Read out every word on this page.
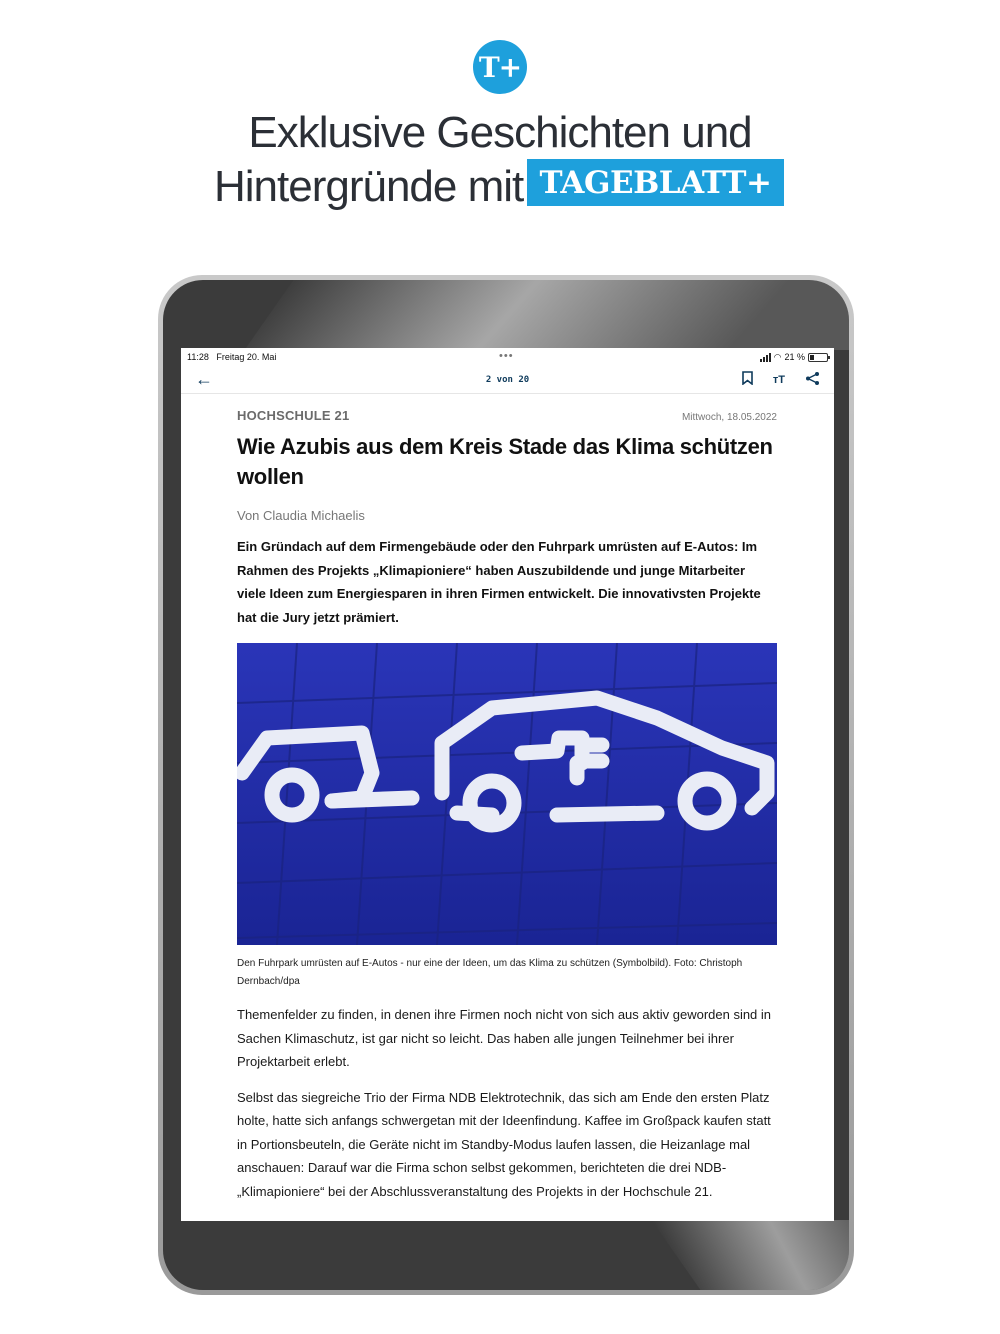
T+
Exklusive Geschichten und
Hintergründe mit TAGEBLATT+
11:28 Freitag 20. Mai	•••	◠ 21 %
←	2 von 20	тT
HOCHSCHULE 21	Mittwoch, 18.05.2022
Wie Azubis aus dem Kreis Stade das Klima schützen wollen
Von Claudia Michaelis

Ein Gründach auf dem Firmengebäude oder den Fuhrpark umrüsten auf E-Autos: Im Rahmen des Projekts „Klimapioniere“ haben Auszubildende und junge Mitarbeiter viele Ideen zum Energiesparen in ihren Firmen entwickelt. Die innovativsten Projekte hat die Jury jetzt prämiert.

Den Fuhrpark umrüsten auf E-Autos - nur eine der Ideen, um das Klima zu schützen (Symbolbild). Foto: Christoph Dernbach/dpa

Themenfelder zu finden, in denen ihre Firmen noch nicht von sich aus aktiv geworden sind in Sachen Klimaschutz, ist gar nicht so leicht. Das haben alle jungen Teilnehmer bei ihrer Projektarbeit erlebt.

Selbst das siegreiche Trio der Firma NDB Elektrotechnik, das sich am Ende den ersten Platz holte, hatte sich anfangs schwergetan mit der Ideenfindung. Kaffee im Großpack kaufen statt in Portionsbeuteln, die Geräte nicht im Standby-Modus laufen lassen, die Heizanlage mal anschauen: Darauf war die Firma schon selbst gekommen, berichteten die drei NDB-„Klimapioniere“ bei der Abschlussveranstaltung des Projekts in der Hochschule 21.
